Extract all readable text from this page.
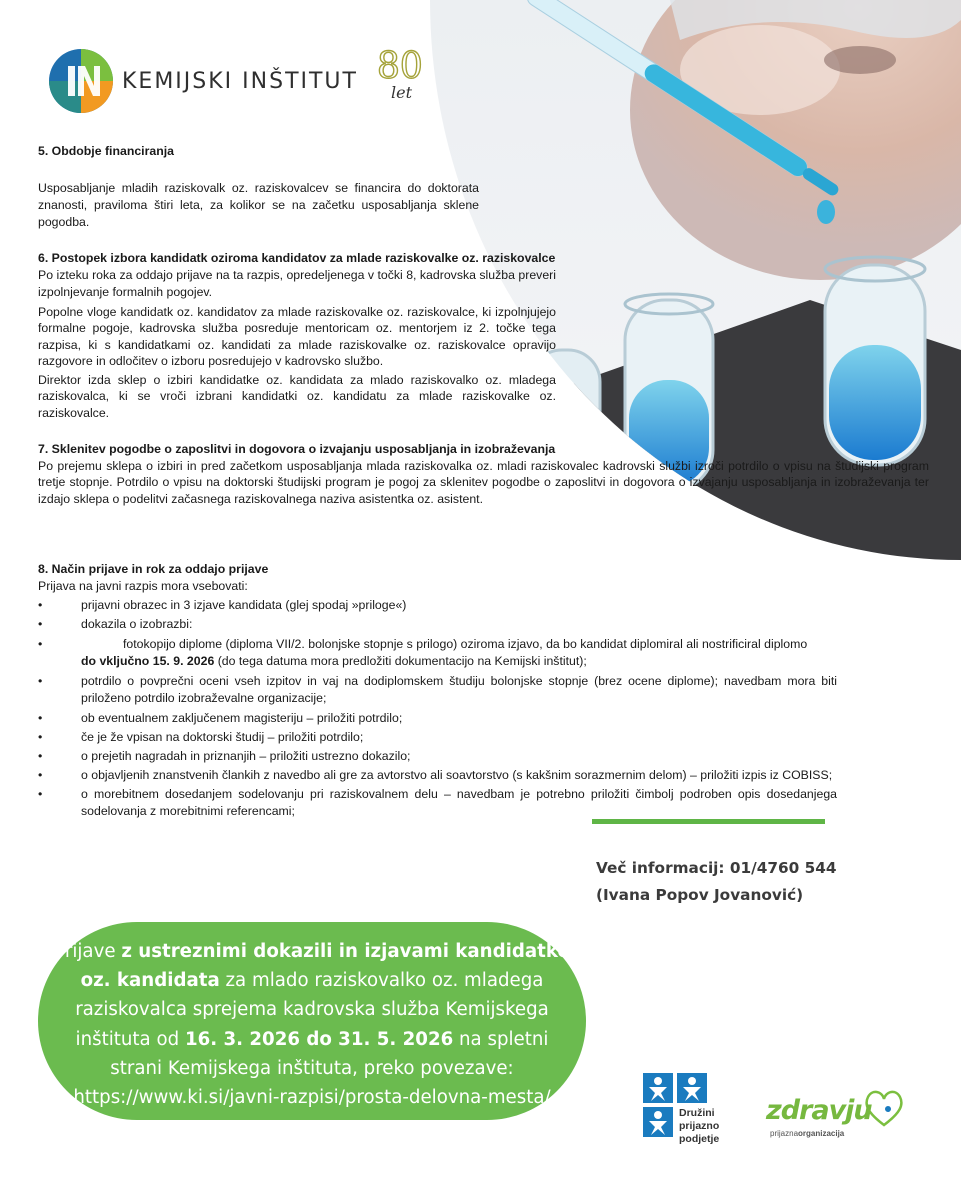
KEMIJSKI INŠTITUT 80
let

5. Obdobje financiranja

Usposabljanje mladih raziskovalk oz. raziskovalcev se financira do doktorata znanosti, praviloma štiri leta, za kolikor se na začetku usposabljanja sklene pogodba.

6. Postopek izbora kandidatk oziroma kandidatov za mlade raziskovalke oz. raziskovalce

Po izteku roka za oddajo prijave na ta razpis, opredeljenega v točki 8, kadrovska služba preveri izpolnjevanje formalnih pogojev.

Popolne vloge kandidatk oz. kandidatov za mlade raziskovalke oz. raziskovalce, ki izpolnjujejo formalne pogoje, kadrovska služba posreduje mentoricam oz. mentorjem iz 2. točke tega razpisa, ki s kandidatkami oz. kandidati za mlade raziskovalke oz. raziskovalce opravijo razgovore in odločitev o izboru posredujejo v kadrovsko službo.

Direktor izda sklep o izbiri kandidatke oz. kandidata za mlado raziskovalko oz. mladega raziskovalca, ki se vroči izbrani kandidatki oz. kandidatu za mlade raziskovalke oz. raziskovalce.

7. Sklenitev pogodbe o zaposlitvi in dogovora o izvajanju usposabljanja in izobraževanja

Po prejemu sklepa o izbiri in pred začetkom usposabljanja mlada raziskovalka oz. mladi raziskovalec kadrovski službi izroči potrdilo o vpisu na študijski program tretje stopnje. Potrdilo o vpisu na doktorski študijski program je pogoj za sklenitev pogodbe o zaposlitvi in dogovora o izvajanju usposabljanja in izobraževanja ter izdajo sklepa o podelitvi začasnega raziskovalnega naziva asistentka oz. asistent.

8. Način prijave in rok za oddajo prijave

Prijava na javni razpis mora vsebovati:

•	prijavni obrazec in 3 izjave kandidata (glej spodaj »priloge«)

•	dokazila o izobrazbi:

•	fotokopijo diplome (diploma VII/2. bolonjske stopnje s prilogo) oziroma izjavo, da bo kandidat diplomiral ali nostrificiral diplomo
do vključno 15. 9. 2026 (do tega datuma mora predložiti dokumentacijo na Kemijski inštitut);

•	potrdilo o povprečni oceni vseh izpitov in vaj na dodiplomskem študiju bolonjske stopnje (brez ocene diplome); navedbam mora biti priloženo potrdilo izobraževalne organizacije;

•	ob eventualnem zaključenem magisteriju – priložiti potrdilo;

•	če je že vpisan na doktorski študij – priložiti potrdilo;

•	o prejetih nagradah in priznanjih – priložiti ustrezno dokazilo;

•	o objavljenih znanstvenih člankih z navedbo ali gre za avtorstvo ali soavtorstvo (s kakšnim sorazmernim delom) – priložiti izpis iz COBISS;

•	o morebitnem dosedanjem sodelovanju pri raziskovalnem delu – navedbam je potrebno priložiti čimbolj podroben opis dosedanjega sodelovanja z morebitnimi referencami;

Več informacij: 01/4760 544
(Ivana Popov Jovanović)
Prijave z ustreznimi dokazili in izjavami kandidatke oz. kandidata za mlado raziskovalko oz. mladega raziskovalca sprejema kadrovska služba Kemijskega inštituta od 16. 3. 2026 do 31. 5. 2026 na spletni strani Kemijskega inštituta, preko povezave: https://www.ki.si/javni-razpisi/prosta-delovna-mesta/
Družini
prijazno
podjetje
zdravju
prijaznaorganizacija
